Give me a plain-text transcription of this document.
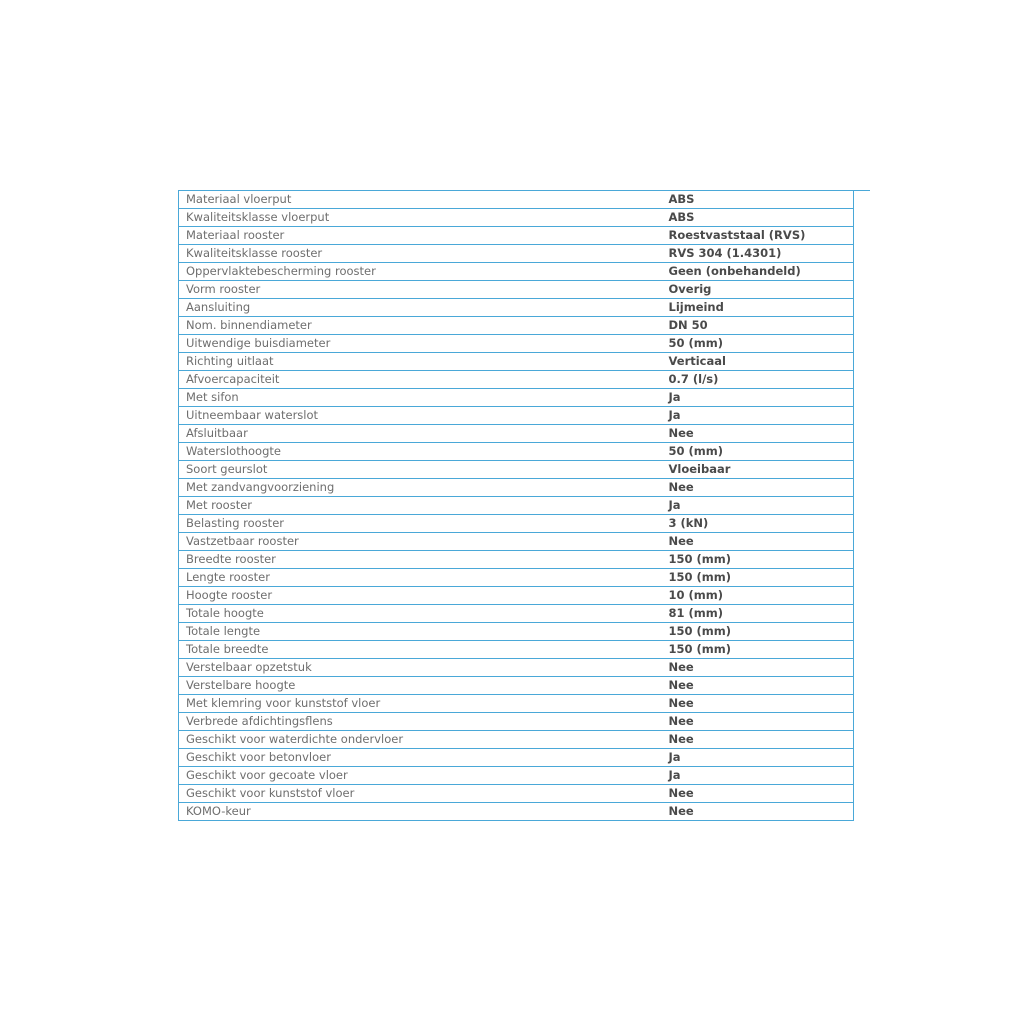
Materiaal vloerput	ABS
Kwaliteitsklasse vloerput	ABS
Materiaal rooster	Roestvaststaal (RVS)
Kwaliteitsklasse rooster	RVS 304 (1.4301)
Oppervlaktebescherming rooster	Geen (onbehandeld)
Vorm rooster	Overig
Aansluiting	Lijmeind
Nom. binnendiameter	DN 50
Uitwendige buisdiameter	50 (mm)
Richting uitlaat	Verticaal
Afvoercapaciteit	0.7 (l/s)
Met sifon	Ja
Uitneembaar waterslot	Ja
Afsluitbaar	Nee
Waterslothoogte	50 (mm)
Soort geurslot	Vloeibaar
Met zandvangvoorziening	Nee
Met rooster	Ja
Belasting rooster	3 (kN)
Vastzetbaar rooster	Nee
Breedte rooster	150 (mm)
Lengte rooster	150 (mm)
Hoogte rooster	10 (mm)
Totale hoogte	81 (mm)
Totale lengte	150 (mm)
Totale breedte	150 (mm)
Verstelbaar opzetstuk	Nee
Verstelbare hoogte	Nee
Met klemring voor kunststof vloer	Nee
Verbrede afdichtingsflens	Nee
Geschikt voor waterdichte ondervloer	Nee
Geschikt voor betonvloer	Ja
Geschikt voor gecoate vloer	Ja
Geschikt voor kunststof vloer	Nee
KOMO-keur	Nee
